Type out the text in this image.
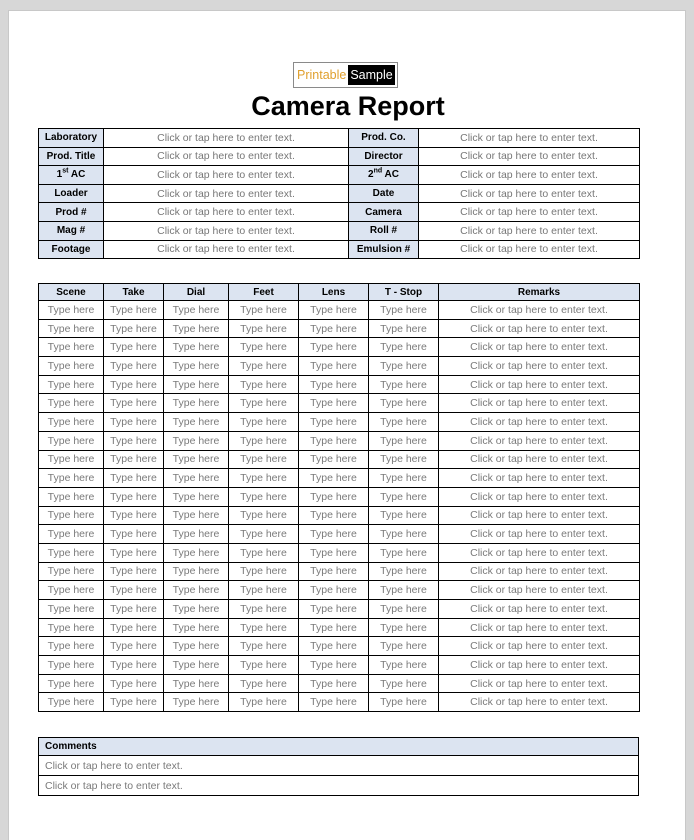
Printable Sample
Camera Report
Laboratory	Click or tap here to enter text.	Prod. Co.	Click or tap here to enter text.
Prod. Title	Click or tap here to enter text.	Director	Click or tap here to enter text.
1st AC	Click or tap here to enter text.	2nd AC	Click or tap here to enter text.
Loader	Click or tap here to enter text.	Date	Click or tap here to enter text.
Prod #	Click or tap here to enter text.	Camera	Click or tap here to enter text.
Mag #	Click or tap here to enter text.	Roll #	Click or tap here to enter text.
Footage	Click or tap here to enter text.	Emulsion #	Click or tap here to enter text.
Scene	Take	Dial	Feet	Lens	T - Stop	Remarks
Type here	Type here	Type here	Type here	Type here	Type here	Click or tap here to enter text.
Type here	Type here	Type here	Type here	Type here	Type here	Click or tap here to enter text.
Type here	Type here	Type here	Type here	Type here	Type here	Click or tap here to enter text.
Type here	Type here	Type here	Type here	Type here	Type here	Click or tap here to enter text.
Type here	Type here	Type here	Type here	Type here	Type here	Click or tap here to enter text.
Type here	Type here	Type here	Type here	Type here	Type here	Click or tap here to enter text.
Type here	Type here	Type here	Type here	Type here	Type here	Click or tap here to enter text.
Type here	Type here	Type here	Type here	Type here	Type here	Click or tap here to enter text.
Type here	Type here	Type here	Type here	Type here	Type here	Click or tap here to enter text.
Type here	Type here	Type here	Type here	Type here	Type here	Click or tap here to enter text.
Type here	Type here	Type here	Type here	Type here	Type here	Click or tap here to enter text.
Type here	Type here	Type here	Type here	Type here	Type here	Click or tap here to enter text.
Type here	Type here	Type here	Type here	Type here	Type here	Click or tap here to enter text.
Type here	Type here	Type here	Type here	Type here	Type here	Click or tap here to enter text.
Type here	Type here	Type here	Type here	Type here	Type here	Click or tap here to enter text.
Type here	Type here	Type here	Type here	Type here	Type here	Click or tap here to enter text.
Type here	Type here	Type here	Type here	Type here	Type here	Click or tap here to enter text.
Type here	Type here	Type here	Type here	Type here	Type here	Click or tap here to enter text.
Type here	Type here	Type here	Type here	Type here	Type here	Click or tap here to enter text.
Type here	Type here	Type here	Type here	Type here	Type here	Click or tap here to enter text.
Type here	Type here	Type here	Type here	Type here	Type here	Click or tap here to enter text.
Type here	Type here	Type here	Type here	Type here	Type here	Click or tap here to enter text.
Comments
Click or tap here to enter text.
Click or tap here to enter text.
